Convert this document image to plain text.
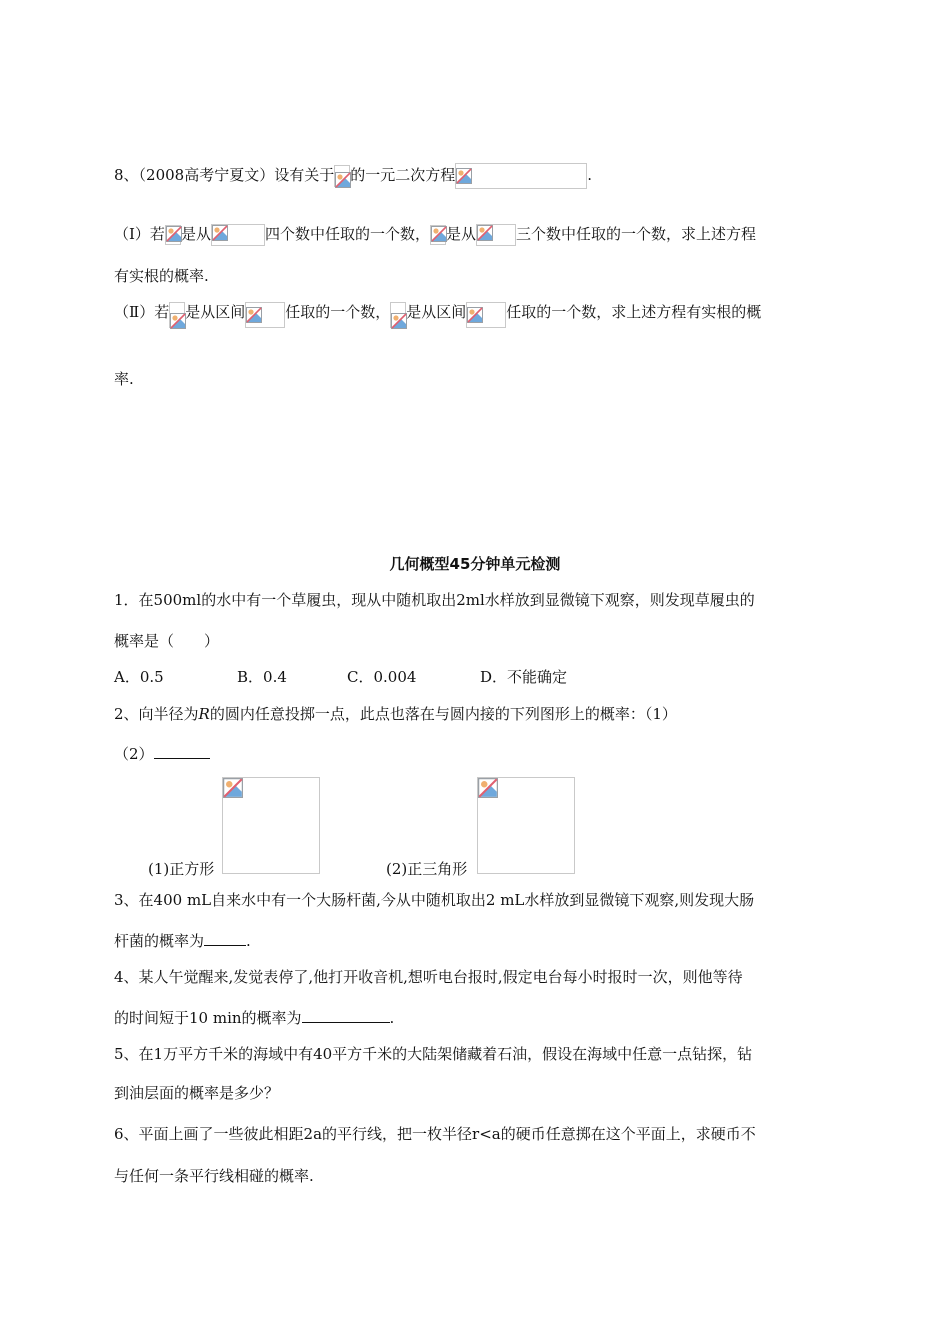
8、（2008高考宁夏文）设有关于 的一元二次方程	.
（Ⅰ）若 是从	四个数中任取的一个数， 是从	三个数中任取的一个数，求上述方程
有实根的概率.
（Ⅱ）若 是从区间	任取的一个数， 是从区间	任取的一个数，求上述方程有实根的概
率.
几何概型45分钟单元检测
1．在500ml的水中有一个草履虫，现从中随机取出2ml水样放到显微镜下观察，则发现草履虫的
概率是（　　）
A．0.5	B．0.4	C．0.004	D．不能确定
2、向半径为R的圆内任意投掷一点，此点也落在与圆内接的下列图形上的概率：（1）
（2）
(1)正方形	(2)正三角形
3、在400 mL自来水中有一个大肠杆菌,今从中随机取出2 mL水样放到显微镜下观察,则发现大肠
杆菌的概率为	.
4、某人午觉醒来,发觉表停了,他打开收音机,想听电台报时,假定电台每小时报时一次，则他等待
的时间短于10 min的概率为	.
5、在1万平方千米的海域中有40平方千米的大陆架储藏着石油，假设在海域中任意一点钻探，钻
到油层面的概率是多少？
6、平面上画了一些彼此相距2a的平行线，把一枚半径r<a的硬币任意掷在这个平面上，求硬币不
与任何一条平行线相碰的概率.
